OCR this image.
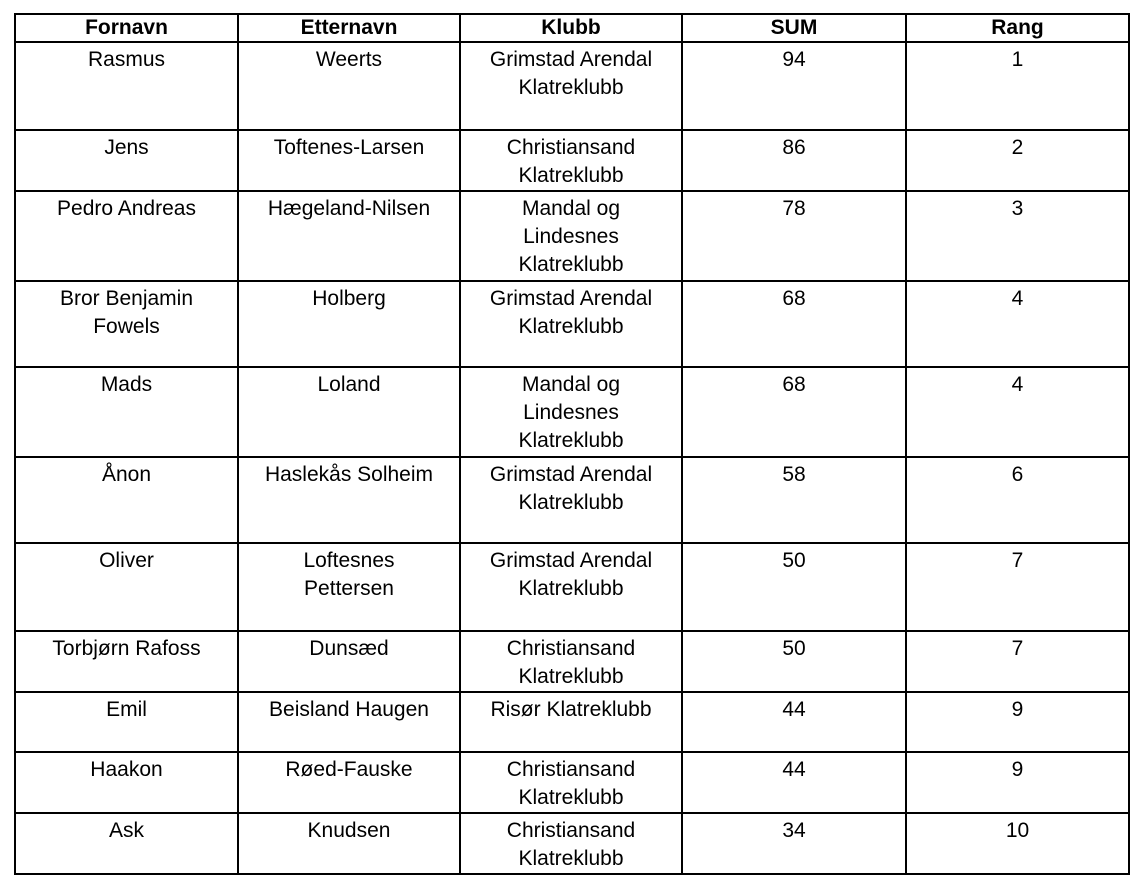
Fornavn	Etternavn	Klubb	SUM	Rang

Rasmus	Weerts	Grimstad Arendal
Klatreklubb	94	1

Jens	Toftenes-Larsen	Christiansand
Klatreklubb	86	2

Pedro Andreas	Hægeland-Nilsen	Mandal og
Lindesnes
Klatreklubb	78	3

Bror Benjamin
Fowels	Holberg	Grimstad Arendal
Klatreklubb	68	4

Mads	Loland	Mandal og
Lindesnes
Klatreklubb	68	4

Ånon	Haslekås Solheim	Grimstad Arendal
Klatreklubb	58	6

Oliver	Loftesnes
Pettersen	Grimstad Arendal
Klatreklubb	50	7

Torbjørn Rafoss	Dunsæd	Christiansand
Klatreklubb	50	7

Emil	Beisland Haugen	Risør Klatreklubb	44	9

Haakon	Røed-Fauske	Christiansand
Klatreklubb	44	9

Ask	Knudsen	Christiansand
Klatreklubb	34	10
